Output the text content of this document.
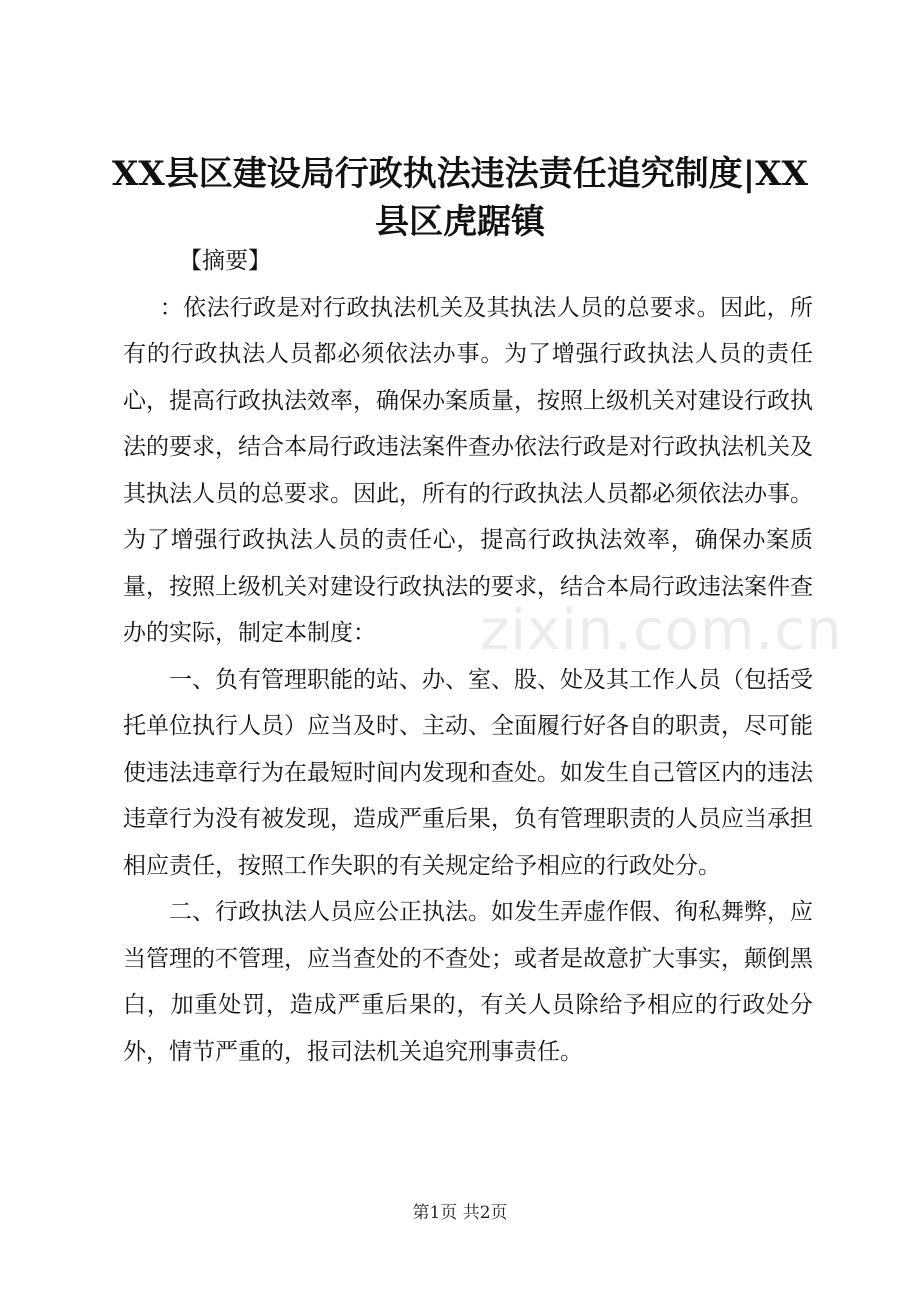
XX县区建设局行政执法违法责任追究制度|XX县区虎踞镇

【摘要】

：依法行政是对行政执法机关及其执法人员的总要求。因此，所有的行政执法人员都必须依法办事。为了增强行政执法人员的责任心，提高行政执法效率，确保办案质量，按照上级机关对建设行政执法的要求，结合本局行政违法案件查办依法行政是对行政执法机关及其执法人员的总要求。因此，所有的行政执法人员都必须依法办事。为了增强行政执法人员的责任心，提高行政执法效率，确保办案质量，按照上级机关对建设行政执法的要求，结合本局行政违法案件查办的实际，制定本制度：

一、负有管理职能的站、办、室、股、处及其工作人员（包括受托单位执行人员）应当及时、主动、全面履行好各自的职责，尽可能使违法违章行为在最短时间内发现和查处。如发生自己管区内的违法违章行为没有被发现，造成严重后果，负有管理职责的人员应当承担相应责任，按照工作失职的有关规定给予相应的行政处分。

二、行政执法人员应公正执法。如发生弄虚作假、徇私舞弊，应当管理的不管理，应当查处的不查处；或者是故意扩大事实，颠倒黑白，加重处罚，造成严重后果的，有关人员除给予相应的行政处分外，情节严重的，报司法机关追究刑事责任。

zixin.com.cn
第1页 共2页
